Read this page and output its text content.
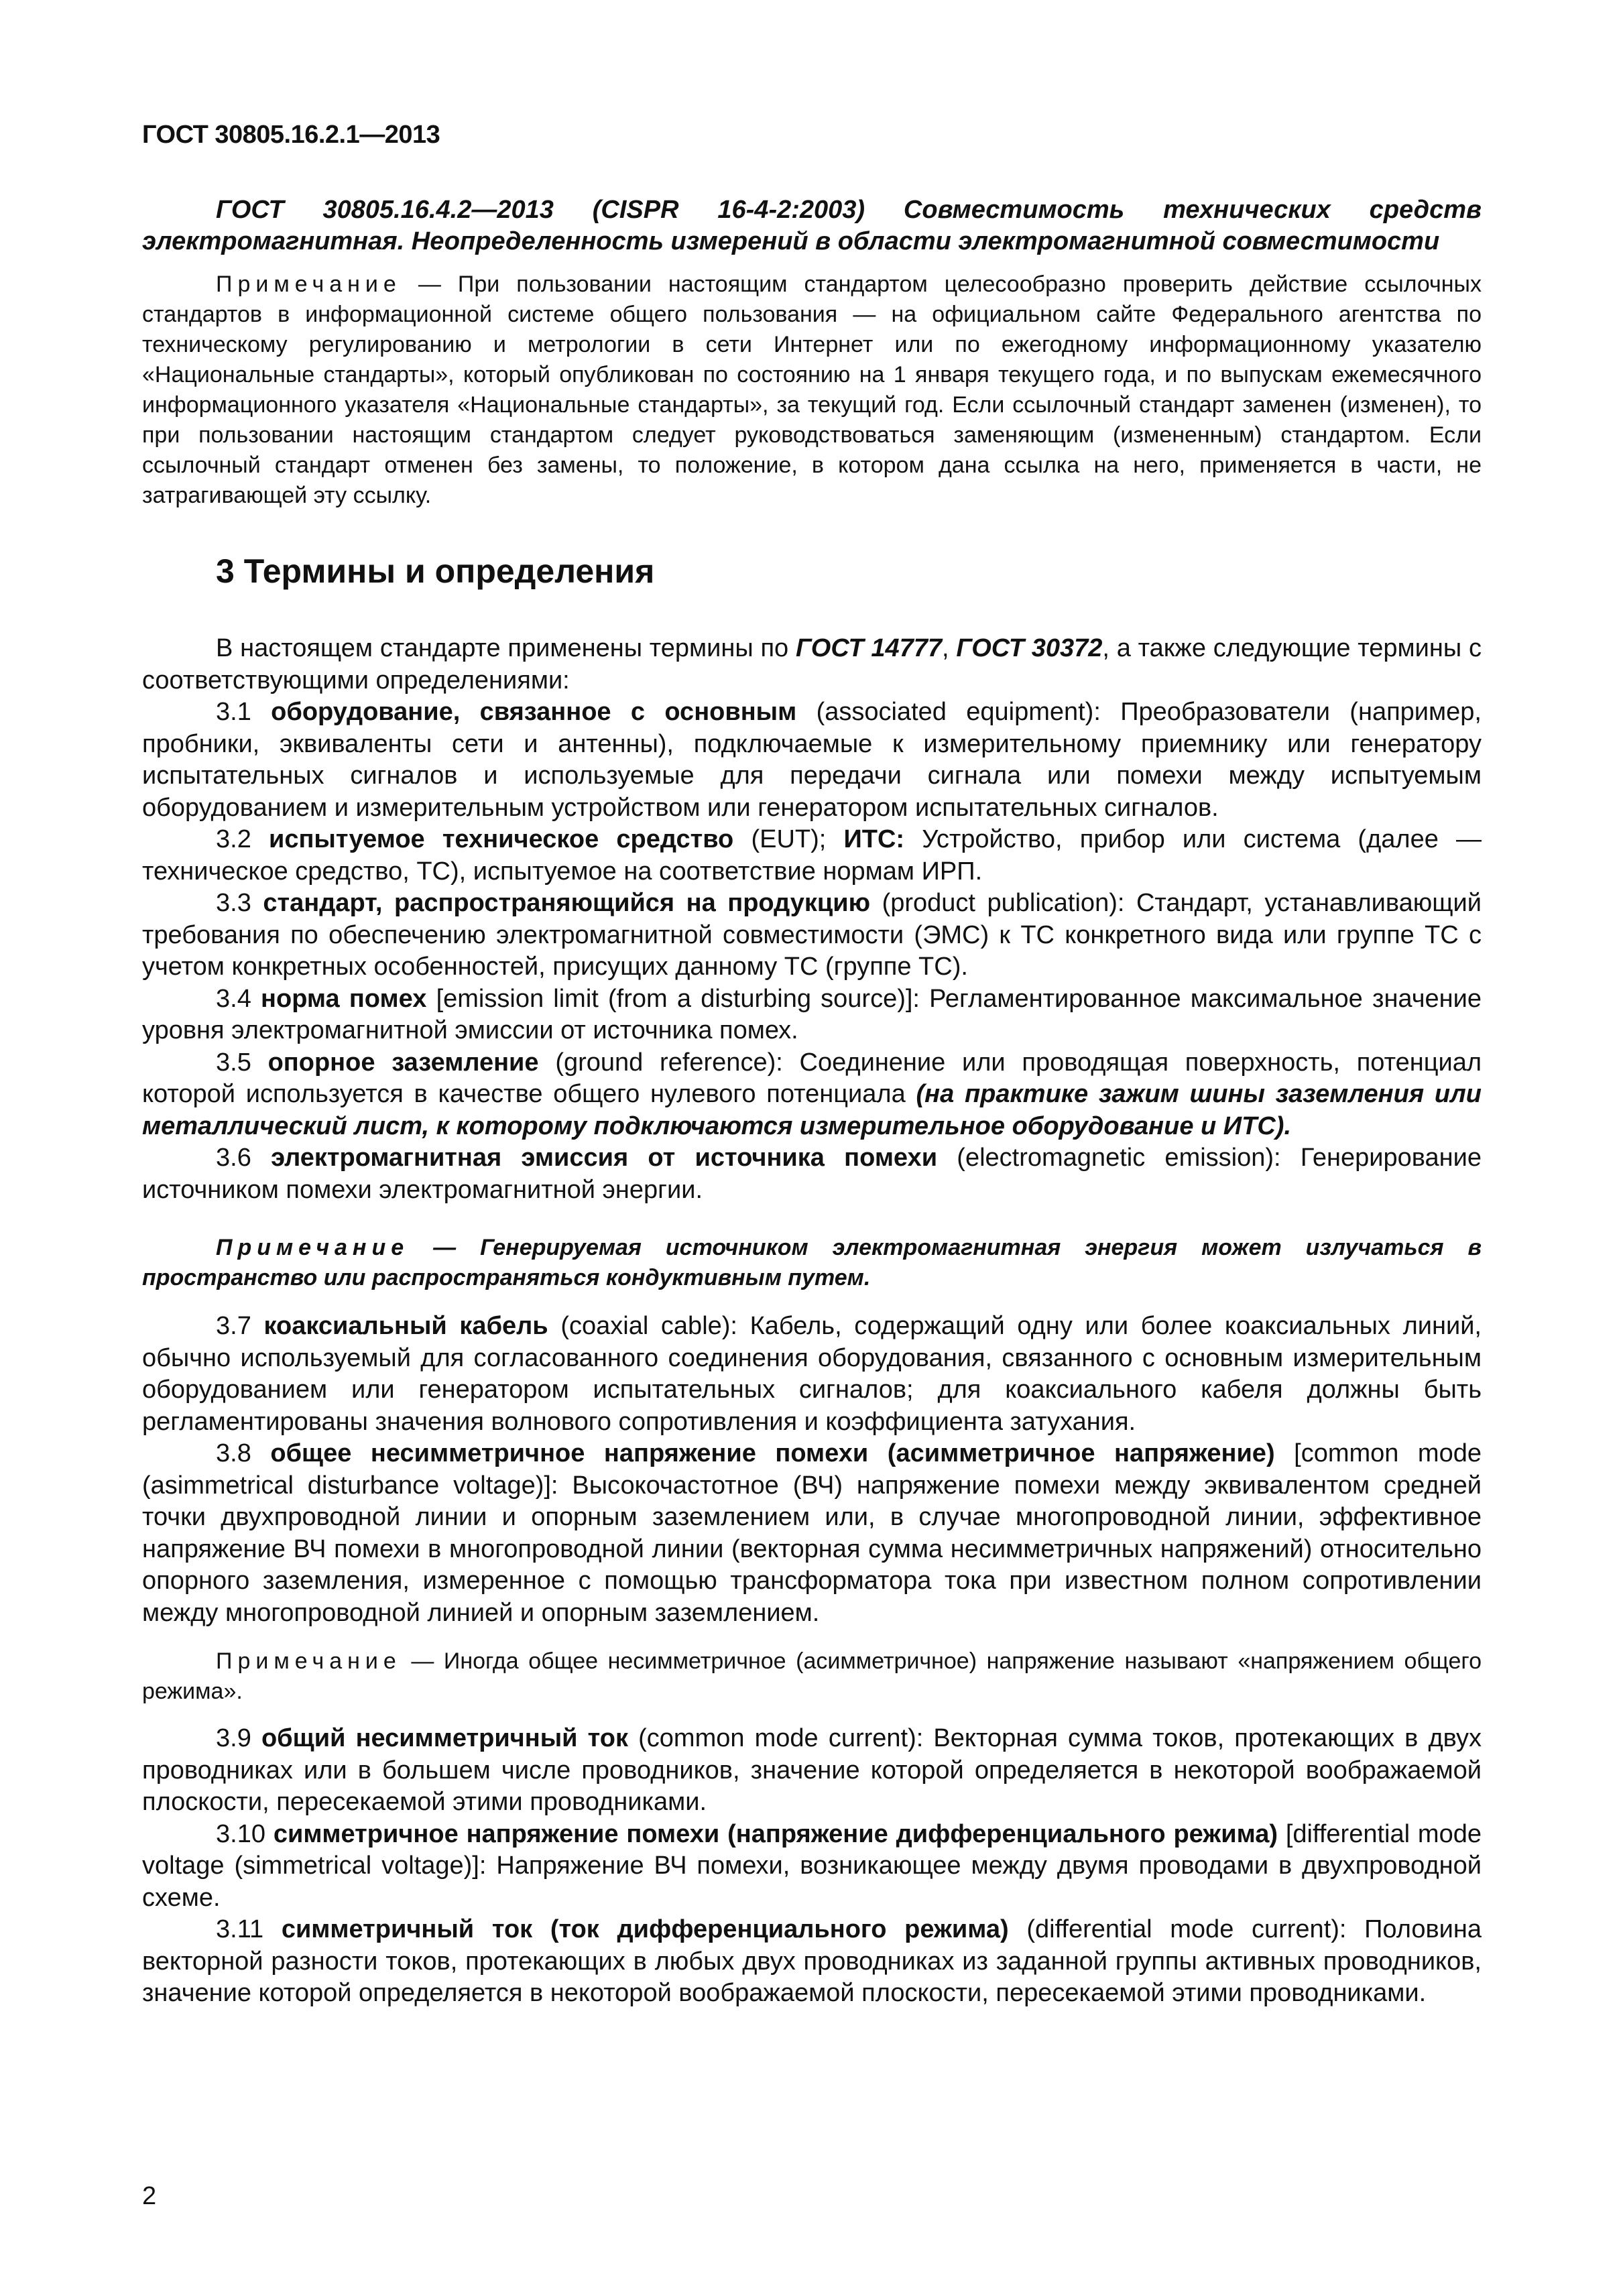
ГОСТ 30805.16.2.1—2013

ГОСТ 30805.16.4.2—2013 (CISPR 16-4-2:2003) Совместимость технических средств электромагнитная. Неопределенность измерений в области электромагнитной совместимости

Примечание — При пользовании настоящим стандартом целесообразно проверить действие ссылочных стандартов в информационной системе общего пользования — на официальном сайте Федерального агентства по техническому регулированию и метрологии в сети Интернет или по ежегодному информационному указателю «Национальные стандарты», который опубликован по состоянию на 1 января текущего года, и по выпускам ежемесячного информационного указателя «Национальные стандарты», за текущий год. Если ссылочный стандарт заменен (изменен), то при пользовании настоящим стандартом следует руководствоваться заменяющим (измененным) стандартом. Если ссылочный стандарт отменен без замены, то положение, в котором дана ссылка на него, применяется в части, не затрагивающей эту ссылку.

3 Термины и определения

В настоящем стандарте применены термины по ГОСТ 14777, ГОСТ 30372, а также следующие термины с соответствующими определениями:

3.1 оборудование, связанное с основным (associated equipment): Преобразователи (например, пробники, эквиваленты сети и антенны), подключаемые к измерительному приемнику или генератору испытательных сигналов и используемые для передачи сигнала или помехи между испытуемым оборудованием и измерительным устройством или генератором испытательных сигналов.

3.2 испытуемое техническое средство (EUT); ИТС: Устройство, прибор или система (далее — техническое средство, ТС), испытуемое на соответствие нормам ИРП.

3.3 стандарт, распространяющийся на продукцию (product publication): Стандарт, устанавливающий требования по обеспечению электромагнитной совместимости (ЭМС) к ТС конкретного вида или группе ТС с учетом конкретных особенностей, присущих данному ТС (группе ТС).

3.4 норма помех [emission limit (from a disturbing source)]: Регламентированное максимальное значение уровня электромагнитной эмиссии от источника помех.

3.5 опорное заземление (ground reference): Соединение или проводящая поверхность, потенциал которой используется в качестве общего нулевого потенциала (на практике зажим шины заземления или металлический лист, к которому подключаются измерительное оборудование и ИТС).

3.6 электромагнитная эмиссия от источника помехи (electromagnetic emission): Генерирование источником помехи электромагнитной энергии.

Примечание — Генерируемая источником электромагнитная энергия может излучаться в пространство или распространяться кондуктивным путем.

3.7 коаксиальный кабель (coaxial cable): Кабель, содержащий одну или более коаксиальных линий, обычно используемый для согласованного соединения оборудования, связанного с основным измерительным оборудованием или генератором испытательных сигналов; для коаксиального кабеля должны быть регламентированы значения волнового сопротивления и коэффициента затухания.

3.8 общее несимметричное напряжение помехи (асимметричное напряжение) [common mode (asimmetrical disturbance voltage)]: Высокочастотное (ВЧ) напряжение помехи между эквивалентом средней точки двухпроводной линии и опорным заземлением или, в случае многопроводной линии, эффективное напряжение ВЧ помехи в многопроводной линии (векторная сумма несимметричных напряжений) относительно опорного заземления, измеренное с помощью трансформатора тока при известном полном сопротивлении между многопроводной линией и опорным заземлением.

Примечание — Иногда общее несимметричное (асимметричное) напряжение называют «напряжением общего режима».

3.9 общий несимметричный ток (common mode current): Векторная сумма токов, протекающих в двух проводниках или в большем числе проводников, значение которой определяется в некоторой воображаемой плоскости, пересекаемой этими проводниками.

3.10 симметричное напряжение помехи (напряжение дифференциального режима) [differential mode voltage (simmetrical voltage)]: Напряжение ВЧ помехи, возникающее между двумя проводами в двухпроводной схеме.

3.11 симметричный ток (ток дифференциального режима) (differential mode current): Половина векторной разности токов, протекающих в любых двух проводниках из заданной группы активных проводников, значение которой определяется в некоторой воображаемой плоскости, пересекаемой этими проводниками.

2
